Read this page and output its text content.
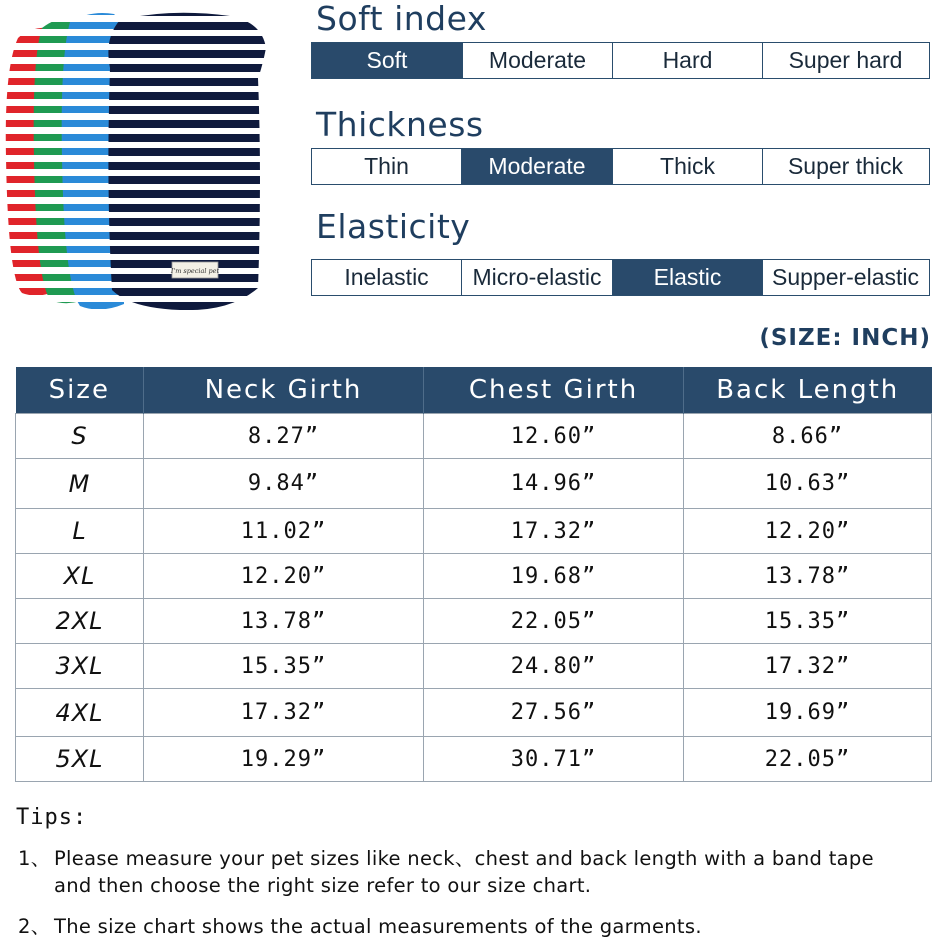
I'm special pet
Soft index
Soft	Moderate	Hard	Super hard
Thickness
Thin	Moderate	Thick	Super thick
Elasticity
Inelastic	Micro-elastic	Elastic	Supper-elastic
(SIZE: INCH)
Size	Neck Girth	Chest Girth	Back Length
S	8.27”	12.60”	8.66”
M	9.84”	14.96”	10.63”
L	11.02”	17.32”	12.20”
XL	12.20”	19.68”	13.78”
2XL	13.78”	22.05”	15.35”
3XL	15.35”	24.80”	17.32”
4XL	17.32”	27.56”	19.69”
5XL	19.29”	30.71”	22.05”
Tips:
1、 Please measure your pet sizes like neck、chest and back length with a band tape
and then choose the right size refer to our size chart.
2、 The size chart shows the actual measurements of the garments.
